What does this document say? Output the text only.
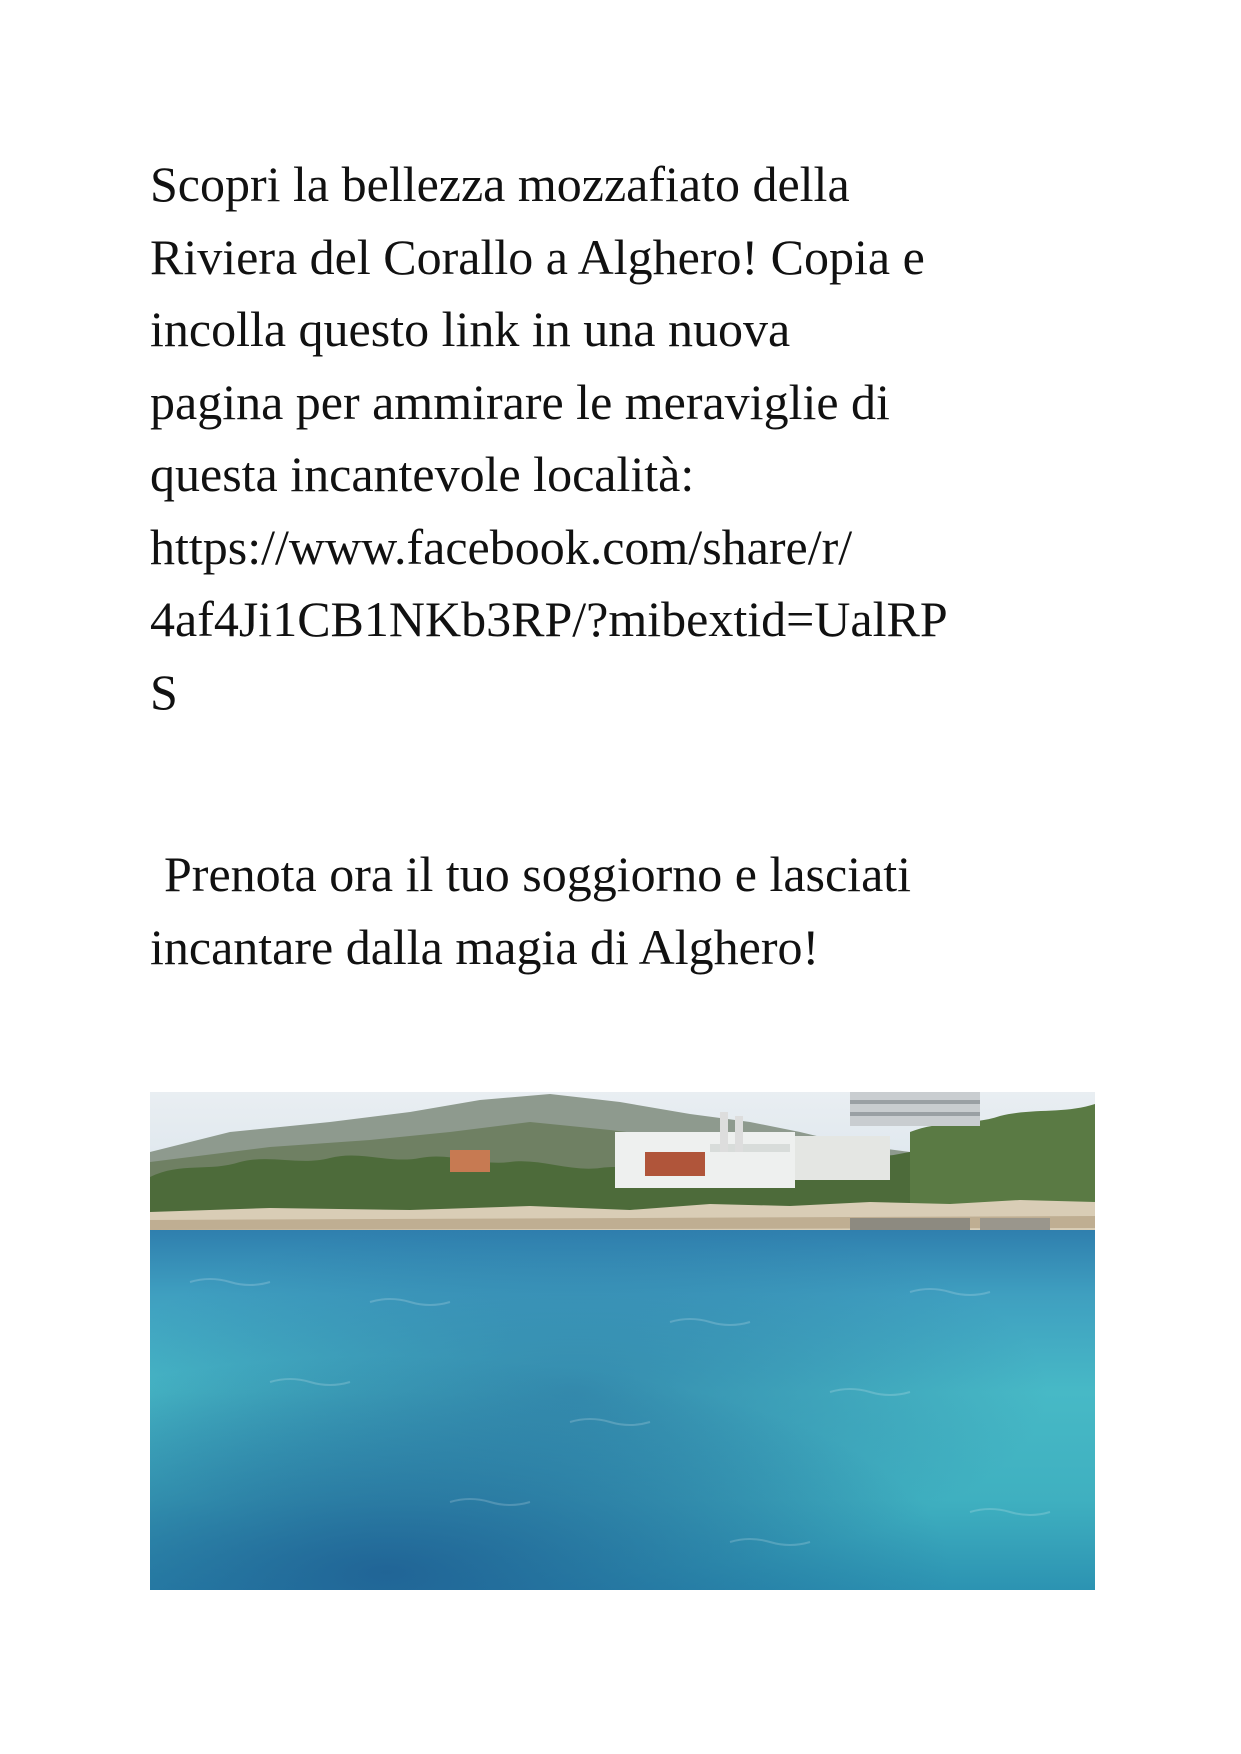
Scopri la bellezza mozzafiato della
Riviera del Corallo a Alghero! Copia e
incolla questo link in una nuova
pagina per ammirare le meraviglie di
questa incantevole località:
https://www.facebook.com/share/r/
4af4Ji1CB1NKb3RP/?mibextid=UalRP
S

Prenota ora il tuo soggiorno e lasciati
incantare dalla magia di Alghero!
